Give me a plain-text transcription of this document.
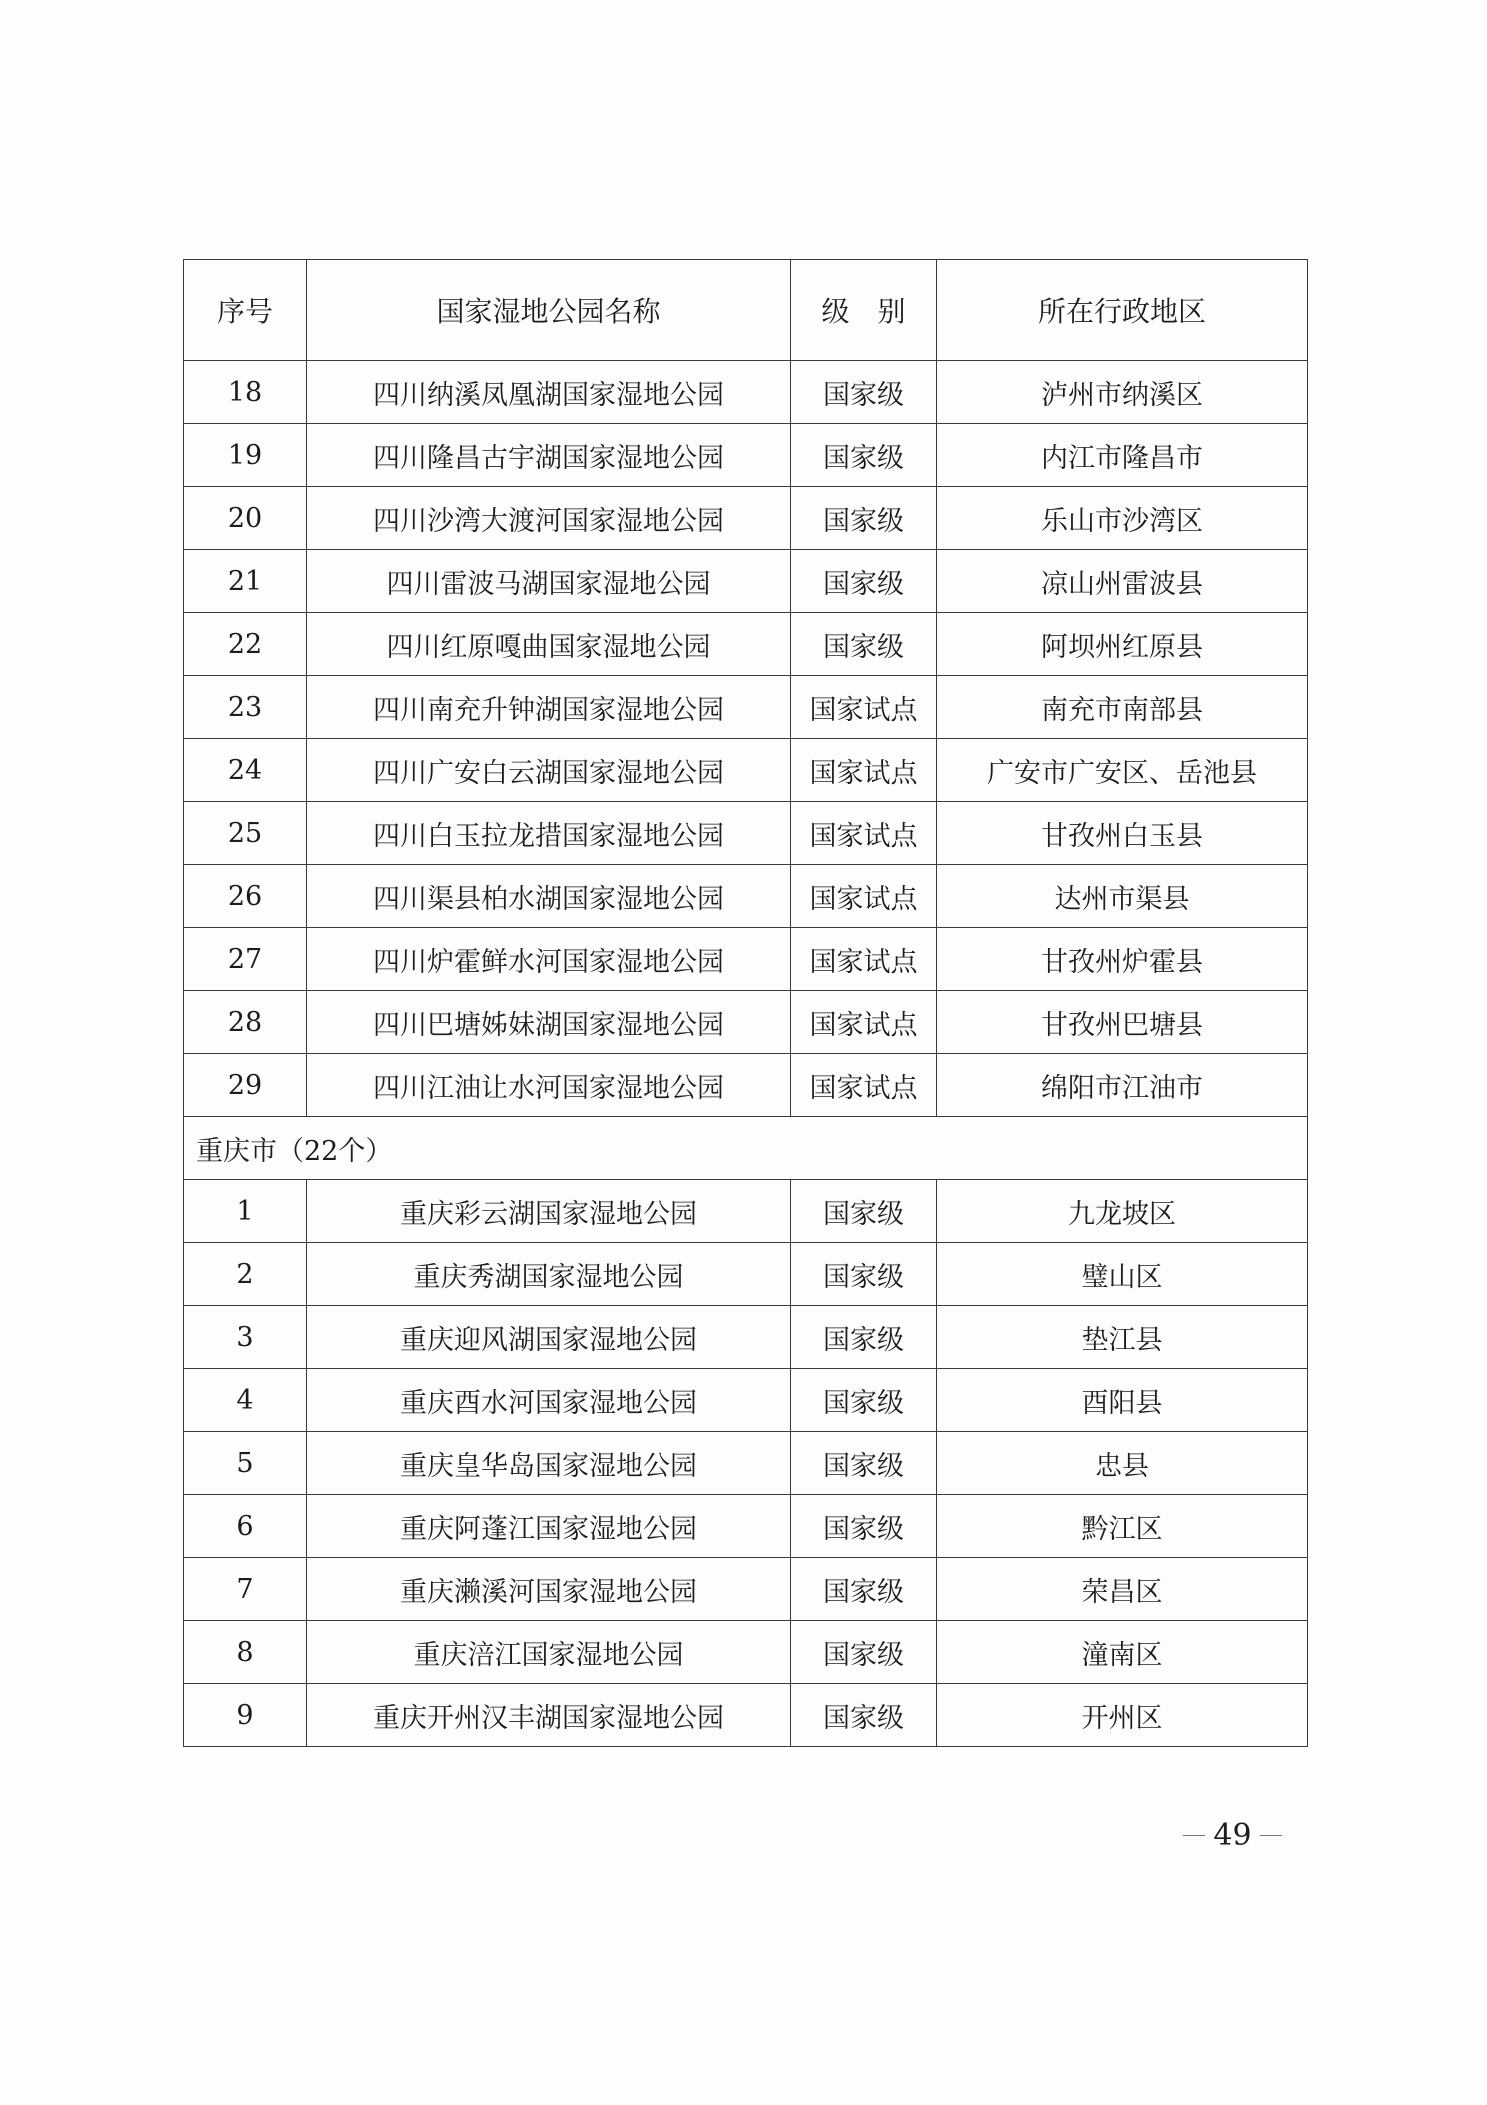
序号	国家湿地公园名称	级　别	所在行政地区
18	四川纳溪凤凰湖国家湿地公园	国家级	泸州市纳溪区
19	四川隆昌古宇湖国家湿地公园	国家级	内江市隆昌市
20	四川沙湾大渡河国家湿地公园	国家级	乐山市沙湾区
21	四川雷波马湖国家湿地公园	国家级	凉山州雷波县
22	四川红原嘎曲国家湿地公园	国家级	阿坝州红原县
23	四川南充升钟湖国家湿地公园	国家试点	南充市南部县
24	四川广安白云湖国家湿地公园	国家试点	广安市广安区、岳池县
25	四川白玉拉龙措国家湿地公园	国家试点	甘孜州白玉县
26	四川渠县柏水湖国家湿地公园	国家试点	达州市渠县
27	四川炉霍鲜水河国家湿地公园	国家试点	甘孜州炉霍县
28	四川巴塘姊妹湖国家湿地公园	国家试点	甘孜州巴塘县
29	四川江油让水河国家湿地公园	国家试点	绵阳市江油市
重庆市（22个）			
1	重庆彩云湖国家湿地公园	国家级	九龙坡区
2	重庆秀湖国家湿地公园	国家级	璧山区
3	重庆迎风湖国家湿地公园	国家级	垫江县
4	重庆酉水河国家湿地公园	国家级	酉阳县
5	重庆皇华岛国家湿地公园	国家级	忠县
6	重庆阿蓬江国家湿地公园	国家级	黔江区
7	重庆濑溪河国家湿地公园	国家级	荣昌区
8	重庆涪江国家湿地公园	国家级	潼南区
9	重庆开州汉丰湖国家湿地公园	国家级	开州区
49
